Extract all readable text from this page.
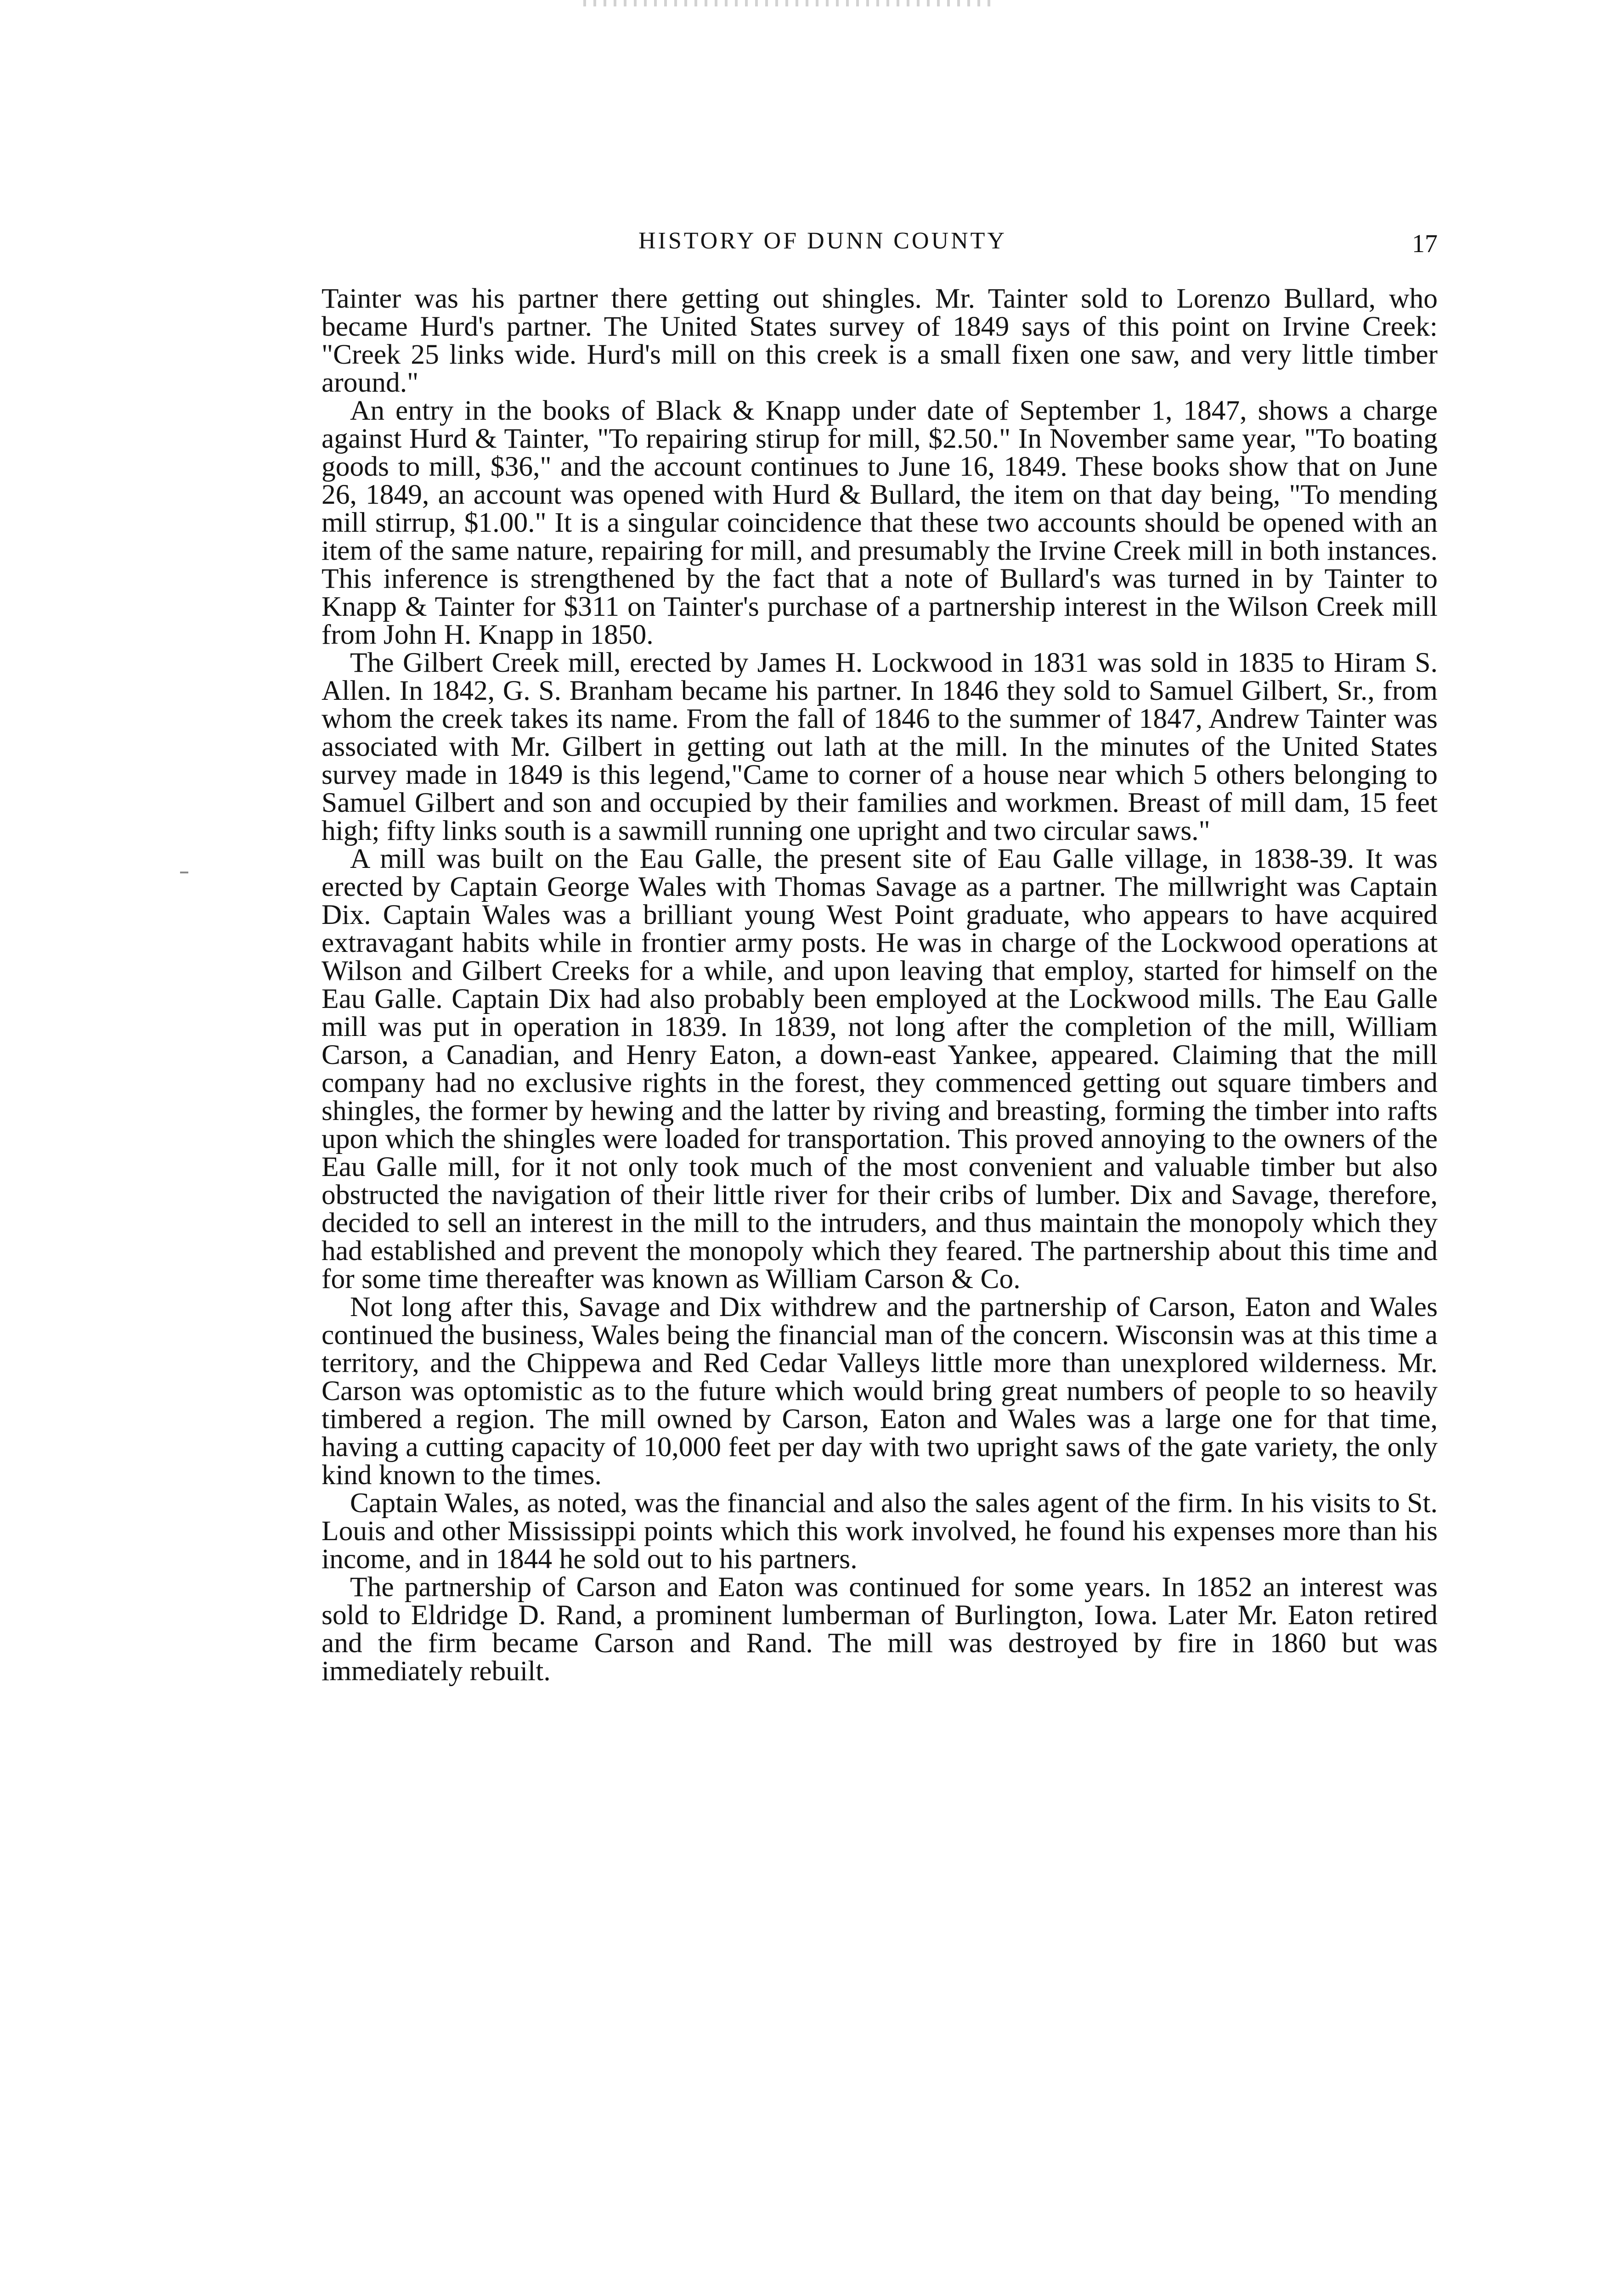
HISTORY OF DUNN COUNTY	17

Tainter was his partner there getting out shingles. Mr. Tainter sold to Lorenzo Bullard, who became Hurd's partner. The United States survey of 1849 says of this point on Irvine Creek: "Creek 25 links wide. Hurd's mill on this creek is a small fixen one saw, and very little timber around."

An entry in the books of Black & Knapp under date of September 1, 1847, shows a charge against Hurd & Tainter, "To repairing stirup for mill, $2.50." In November same year, "To boating goods to mill, $36," and the account continues to June 16, 1849. These books show that on June 26, 1849, an account was opened with Hurd & Bullard, the item on that day being, "To mending mill stirrup, $1.00." It is a singular coincidence that these two accounts should be opened with an item of the same nature, repairing for mill, and presumably the Irvine Creek mill in both instances. This inference is strengthened by the fact that a note of Bullard's was turned in by Tainter to Knapp & Tainter for $311 on Tainter's purchase of a partnership interest in the Wilson Creek mill from John H. Knapp in 1850.

The Gilbert Creek mill, erected by James H. Lockwood in 1831 was sold in 1835 to Hiram S. Allen. In 1842, G. S. Branham became his partner. In 1846 they sold to Samuel Gilbert, Sr., from whom the creek takes its name. From the fall of 1846 to the summer of 1847, Andrew Tainter was associated with Mr. Gilbert in getting out lath at the mill. In the minutes of the United States survey made in 1849 is this legend,"Came to corner of a house near which 5 others belonging to Samuel Gilbert and son and occupied by their families and workmen. Breast of mill dam, 15 feet high; fifty links south is a sawmill running one upright and two circular saws."

A mill was built on the Eau Galle, the present site of Eau Galle village, in 1838-39. It was erected by Captain George Wales with Thomas Savage as a partner. The millwright was Captain Dix. Captain Wales was a brilliant young West Point graduate, who appears to have acquired extravagant habits while in frontier army posts. He was in charge of the Lockwood operations at Wilson and Gilbert Creeks for a while, and upon leaving that employ, started for himself on the Eau Galle. Captain Dix had also probably been employed at the Lockwood mills. The Eau Galle mill was put in operation in 1839. In 1839, not long after the completion of the mill, William Carson, a Canadian, and Henry Eaton, a down-east Yankee, appeared. Claiming that the mill company had no exclusive rights in the forest, they commenced getting out square timbers and shingles, the former by hewing and the latter by riving and breasting, forming the timber into rafts upon which the shingles were loaded for transportation. This proved annoying to the owners of the Eau Galle mill, for it not only took much of the most convenient and valuable timber but also obstructed the navigation of their little river for their cribs of lumber. Dix and Savage, therefore, decided to sell an interest in the mill to the intruders, and thus maintain the monopoly which they had established and prevent the monopoly which they feared. The partnership about this time and for some time thereafter was known as William Carson & Co.

Not long after this, Savage and Dix withdrew and the partnership of Carson, Eaton and Wales continued the business, Wales being the financial man of the concern. Wisconsin was at this time a territory, and the Chippewa and Red Cedar Valleys little more than unexplored wilderness. Mr. Carson was optomistic as to the future which would bring great numbers of people to so heavily timbered a region. The mill owned by Carson, Eaton and Wales was a large one for that time, having a cutting capacity of 10,000 feet per day with two upright saws of the gate variety, the only kind known to the times.

Captain Wales, as noted, was the financial and also the sales agent of the firm. In his visits to St. Louis and other Mississippi points which this work involved, he found his expenses more than his income, and in 1844 he sold out to his partners.

The partnership of Carson and Eaton was continued for some years. In 1852 an interest was sold to Eldridge D. Rand, a prominent lumberman of Burlington, Iowa. Later Mr. Eaton retired and the firm became Carson and Rand. The mill was destroyed by fire in 1860 but was immediately rebuilt.
